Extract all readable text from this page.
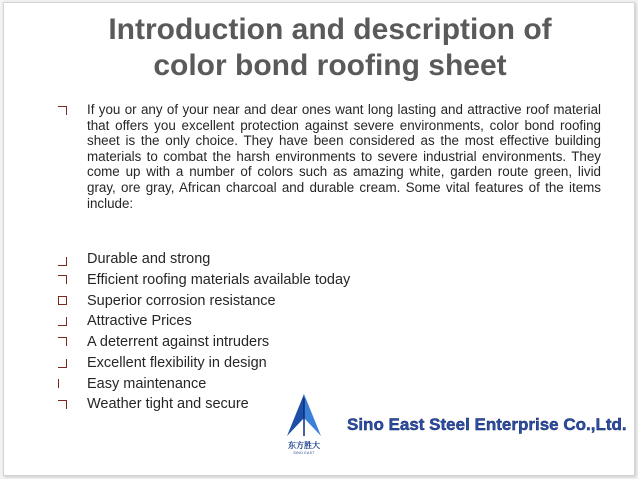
Introduction and description of
color bond roofing sheet
If you or any of your near and dear ones want long lasting and attractive roof material that offers you excellent protection against severe environments, color bond roofing sheet is the only choice. They have been considered as the most effective building materials to combat the harsh environments to severe industrial environments. They come up with a number of colors such as amazing white, garden route green, livid gray, ore gray, African charcoal and durable cream. Some vital features of the items include:
Durable and strong
Efficient roofing materials available today
Superior corrosion resistance
Attractive Prices
A deterrent against intruders
Excellent flexibility in design
Easy maintenance
Weather tight and secure
东方胜大
SINO EAST
Sino East Steel Enterprise Co.,Ltd.
